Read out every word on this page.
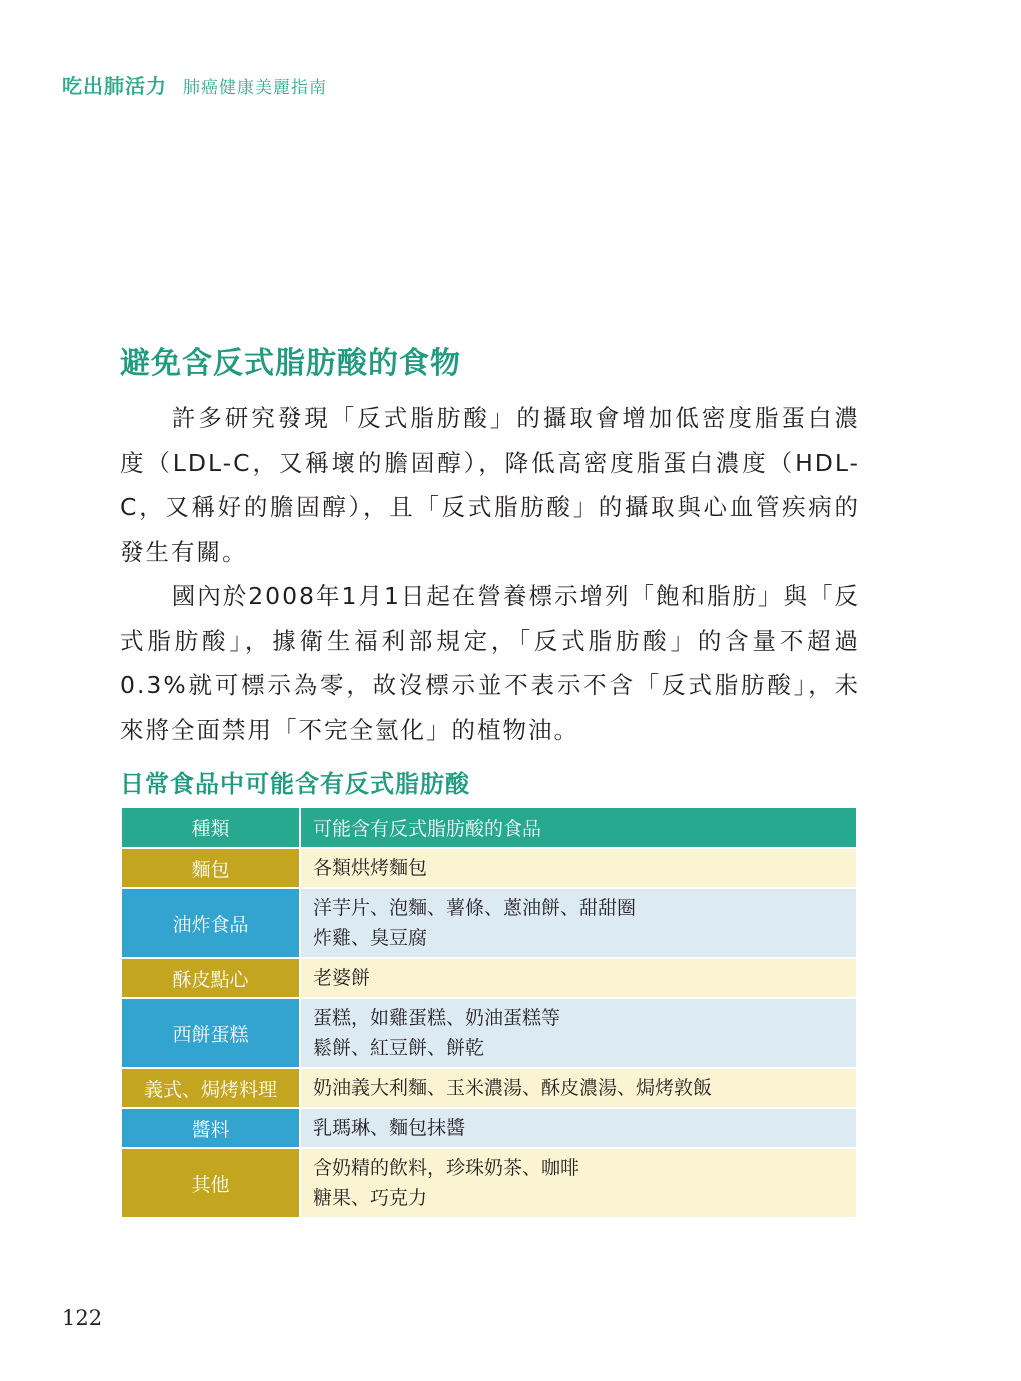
吃出肺活力 肺癌健康美麗指南
避免含反式脂肪酸的食物

許多研究發現「反式脂肪酸」的攝取會增加低密度脂蛋白濃度（LDL-C，又稱壞的膽固醇），降低高密度脂蛋白濃度（HDL-C，又稱好的膽固醇），且「反式脂肪酸」的攝取與心血管疾病的發生有關。

國內於2008年1月1日起在營養標示增列「飽和脂肪」與「反式脂肪酸」，據衛生福利部規定，「反式脂肪酸」的含量不超過0.3%就可標示為零，故沒標示並不表示不含「反式脂肪酸」，未來將全面禁用「不完全氫化」的植物油。

日常食品中可能含有反式脂肪酸
種類	可能含有反式脂肪酸的食品
麵包	各類烘烤麵包

油炸食品	洋芋片、泡麵、薯條、蔥油餅、甜甜圈
炸雞、臭豆腐

酥皮點心	老婆餅

西餅蛋糕	蛋糕，如雞蛋糕、奶油蛋糕等
鬆餅、紅豆餅、餅乾

義式、焗烤料理	奶油義大利麵、玉米濃湯、酥皮濃湯、焗烤敦飯

醬料	乳瑪琳、麵包抹醬

其他	含奶精的飲料，珍珠奶茶、咖啡
糖果、巧克力
122
